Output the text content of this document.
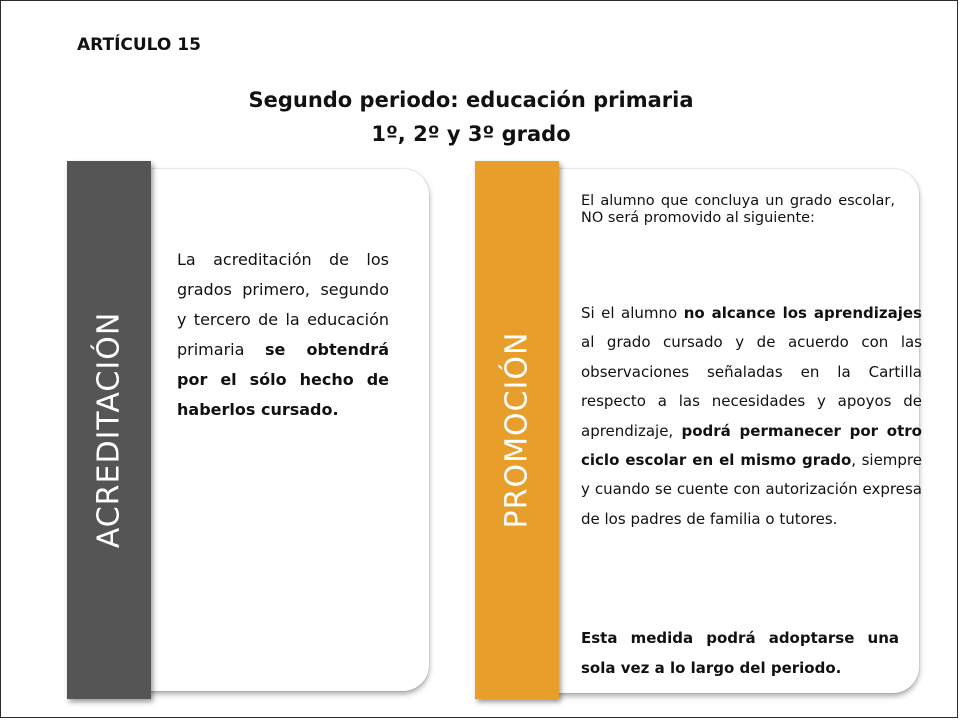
ARTÍCULO 15
Segundo periodo: educación primaria
1º, 2º y 3º grado
ACREDITACIÓN
La acreditación de los grados primero, segundo y tercero de la educación primaria se obtendrá por el sólo hecho de haberlos cursado.	PROMOCIÓN
El alumno que concluya un grado escolar, NO será promovido al siguiente:
Si el alumno no alcance los aprendizajes al grado cursado y de acuerdo con las observaciones señaladas en la Cartilla respecto a las necesidades y apoyos de aprendizaje, podrá permanecer por otro ciclo escolar en el mismo grado, siempre y cuando se cuente con autorización expresa de los padres de familia o tutores.
Esta medida podrá adoptarse una sola vez a lo largo del periodo.
